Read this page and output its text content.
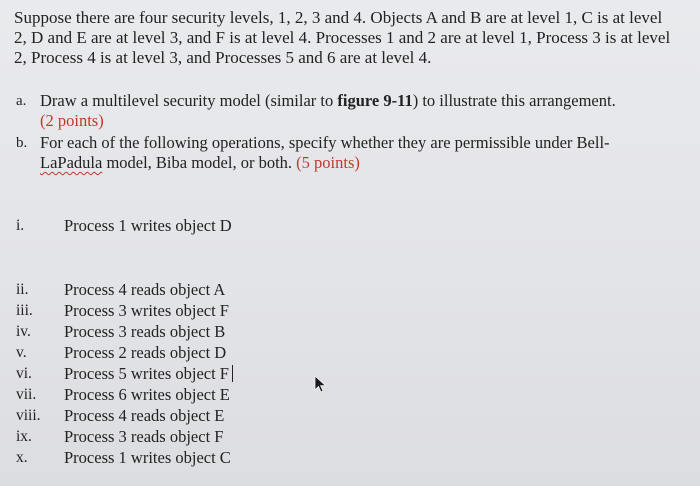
Suppose there are four security levels, 1, 2, 3 and 4. Objects A and B are at level 1, C is at level
2, D and E are at level 3, and F is at level 4. Processes 1 and 2 are at level 1, Process 3 is at level
2, Process 4 is at level 3, and Processes 5 and 6 are at level 4.
a. Draw a multilevel security model (similar to figure 9-11) to illustrate this arrangement.
(2 points)
b. For each of the following operations, specify whether they are permissible under Bell-
LaPadula model, Biba model, or both. (5 points)
i.	Process 1 writes object D
ii.	Process 4 reads object A
iii.	Process 3 writes object F
iv.	Process 3 reads object B
v.	Process 2 reads object D
vi.	Process 5 writes object F
vii.	Process 6 writes object E
viii.	Process 4 reads object E
ix.	Process 3 reads object F
x.	Process 1 writes object C
